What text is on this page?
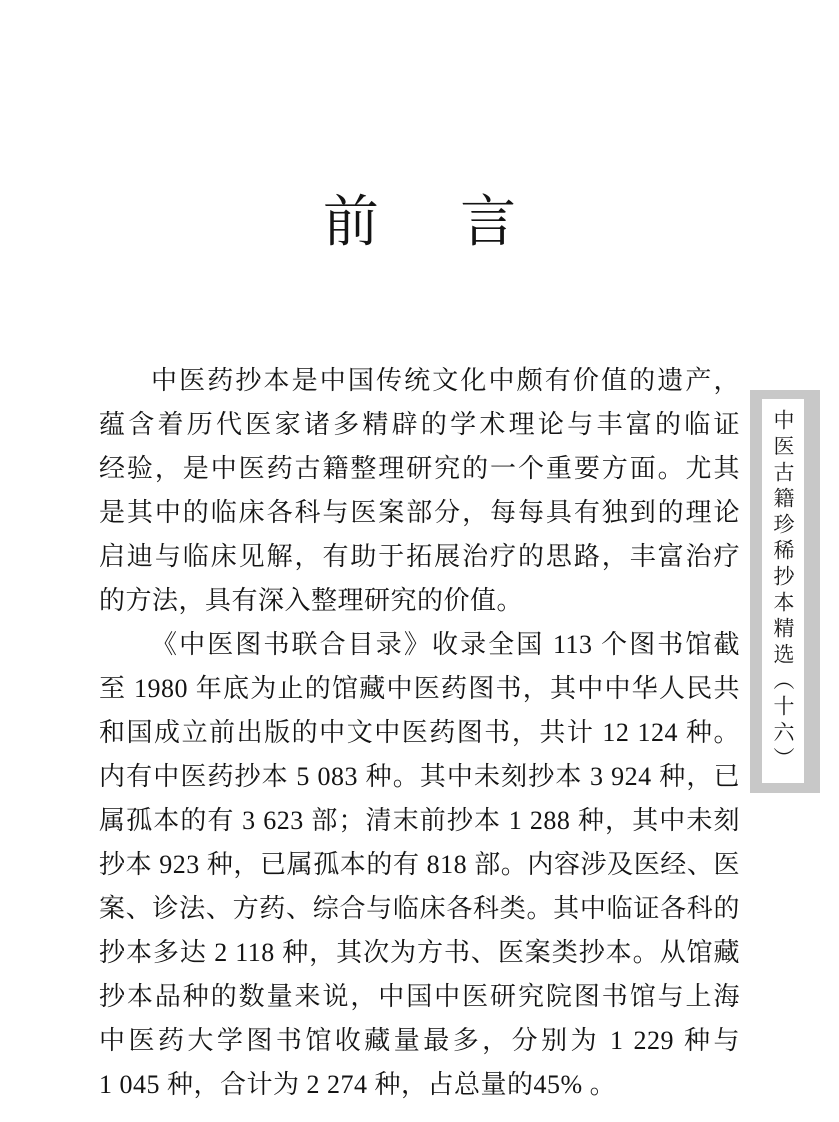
前言
中医药抄本是中国传统文化中颇有价值的遗产，
蕴含着历代医家诸多精辟的学术理论与丰富的临证
经验，是中医药古籍整理研究的一个重要方面。尤其
是其中的临床各科与医案部分，每每具有独到的理论
启迪与临床见解，有助于拓展治疗的思路，丰富治疗
的方法，具有深入整理研究的价值。
《中医图书联合目录》收录全国 113 个图书馆截
至 1980 年底为止的馆藏中医药图书，其中中华人民共
和国成立前出版的中文中医药图书，共计 12 124 种。
内有中医药抄本 5 083 种。其中未刻抄本 3 924 种，已
属孤本的有 3 623 部；清末前抄本 1 288 种，其中未刻
抄本 923 种，已属孤本的有 818 部。内容涉及医经、医
案、诊法、方药、综合与临床各科类。其中临证各科的
抄本多达 2 118 种，其次为方书、医案类抄本。从馆藏
抄本品种的数量来说，中国中医研究院图书馆与上海
中医药大学图书馆收藏量最多，分别为 1 229 种与
1 045 种，合计为 2 274 种，占总量的45% 。
中医古籍珍稀抄本精选（十六）
